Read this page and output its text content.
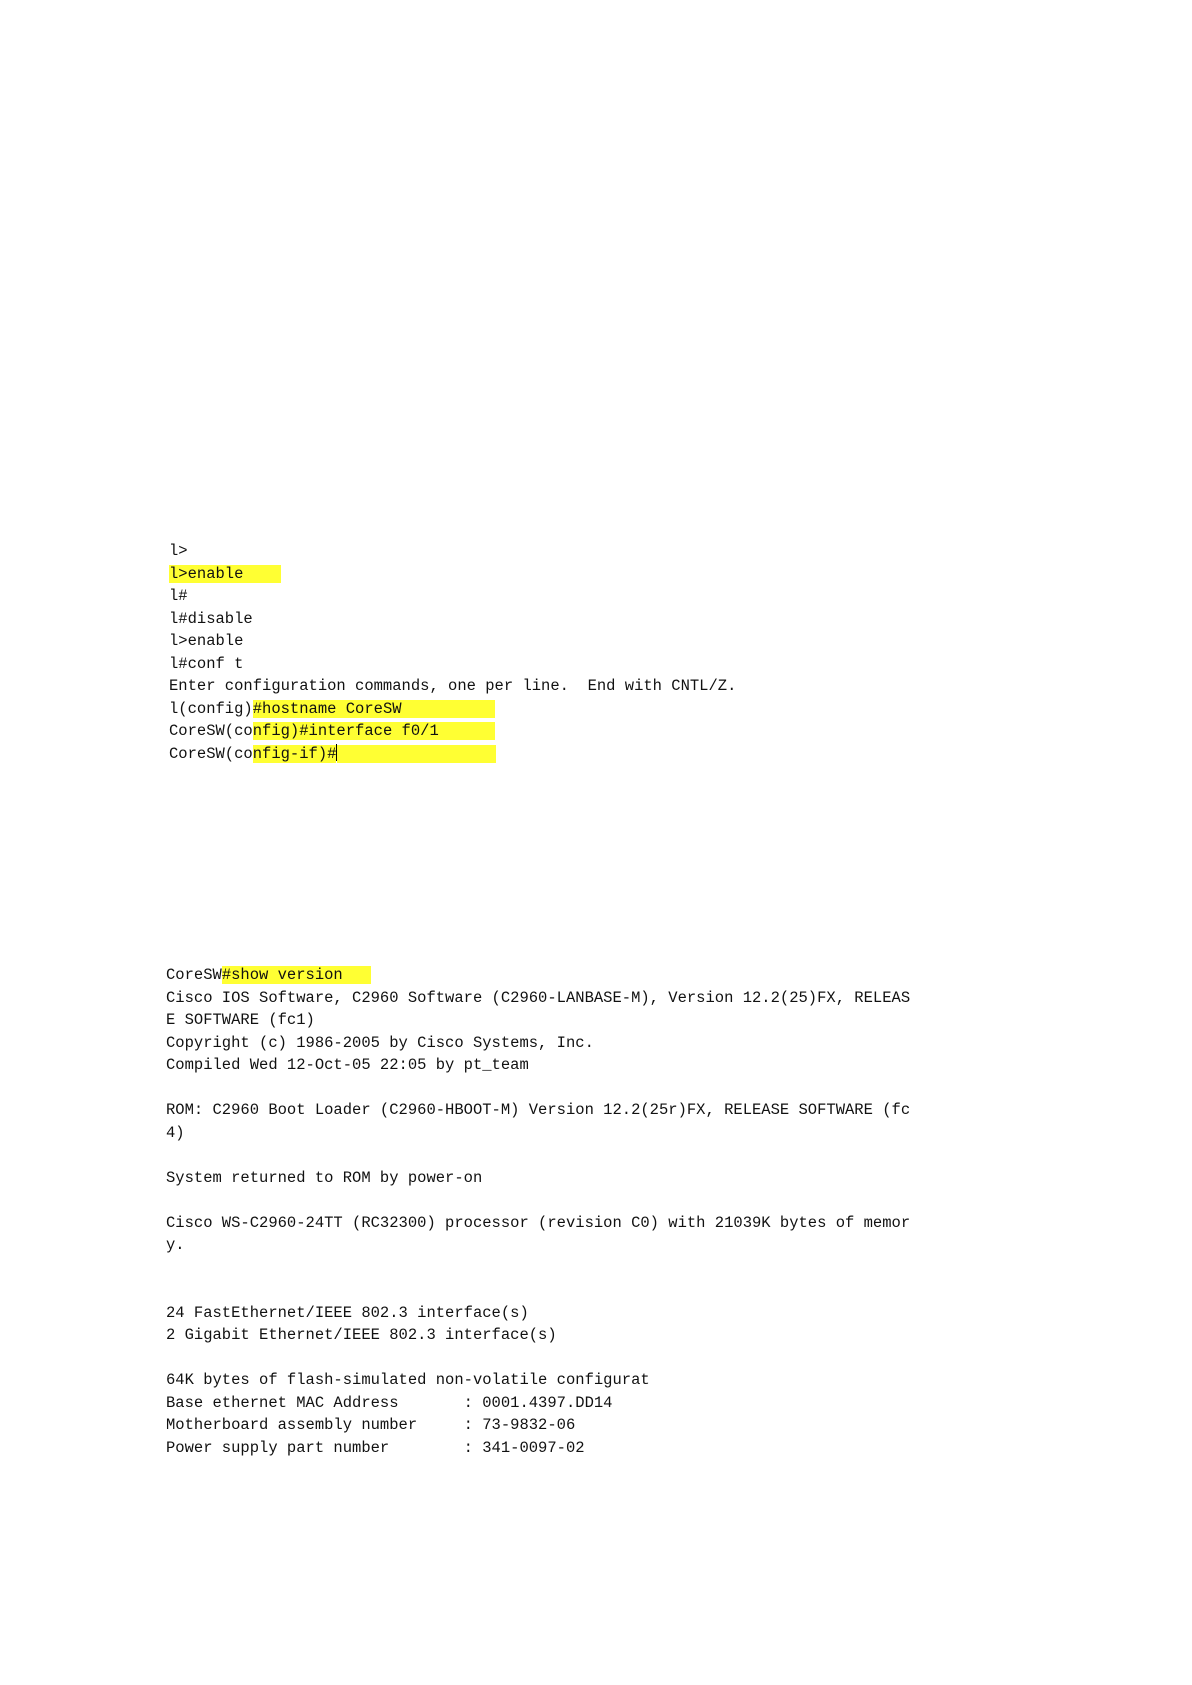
l>
l>enable
l#
l#disable
l>enable
l#conf t
Enter configuration commands, one per line.  End with CNTL/Z.
l(config)#hostname CoreSW
CoreSW(config)#interface f0/1
CoreSW(config-if)#
CoreSW#show version
Cisco IOS Software, C2960 Software (C2960-LANBASE-M), Version 12.2(25)FX, RELEAS
E SOFTWARE (fc1)
Copyright (c) 1986-2005 by Cisco Systems, Inc.
Compiled Wed 12-Oct-05 22:05 by pt_team
ROM: C2960 Boot Loader (C2960-HBOOT-M) Version 12.2(25r)FX, RELEASE SOFTWARE (fc
4)
System returned to ROM by power-on
Cisco WS-C2960-24TT (RC32300) processor (revision C0) with 21039K bytes of memor
y.
24 FastEthernet/IEEE 802.3 interface(s)
2 Gigabit Ethernet/IEEE 802.3 interface(s)
64K bytes of flash-simulated non-volatile configurat
Base ethernet MAC Address       : 0001.4397.DD14
Motherboard assembly number     : 73-9832-06
Power supply part number        : 341-0097-02
